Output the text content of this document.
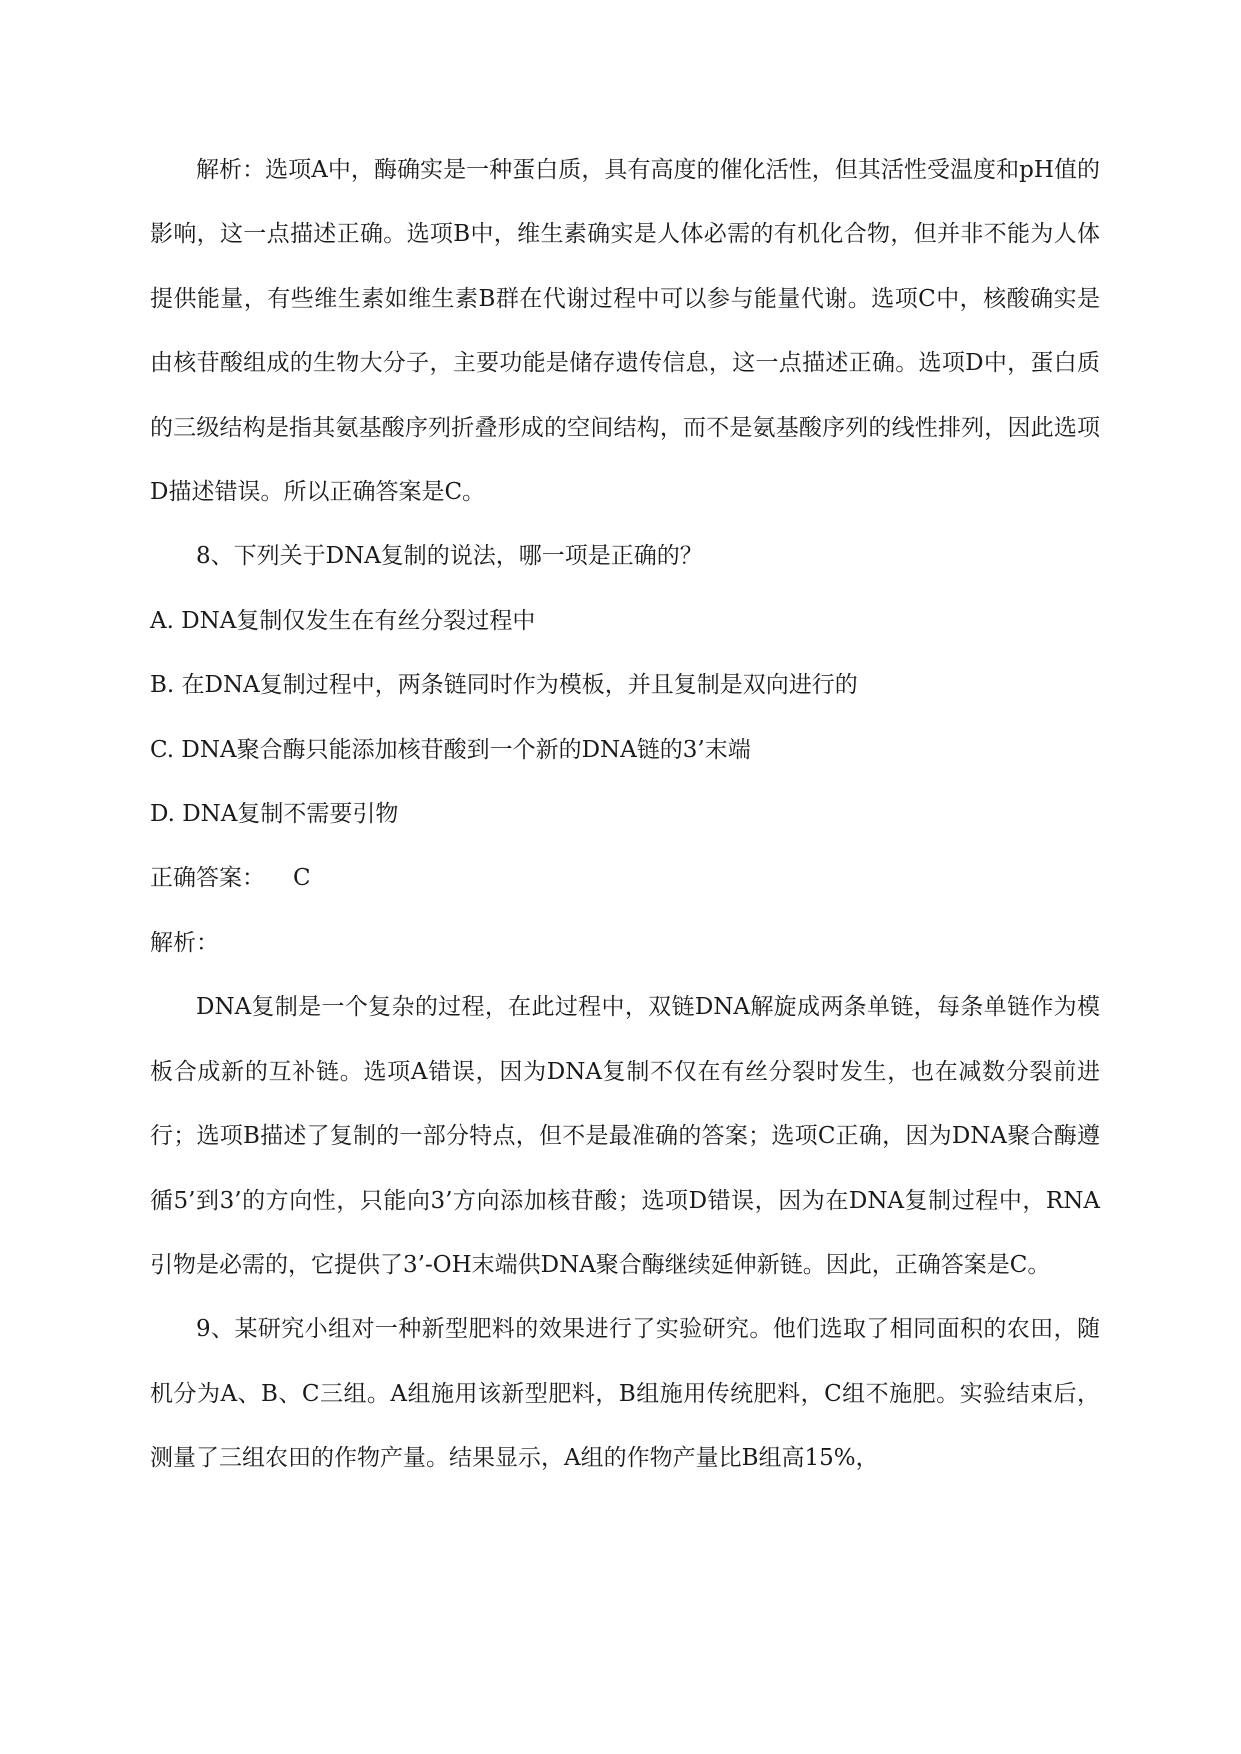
解析：选项A中，酶确实是一种蛋白质，具有高度的催化活性，但其活性受温度和pH值的影响，这一点描述正确。选项B中，维生素确实是人体必需的有机化合物，但并非不能为人体提供能量，有些维生素如维生素B群在代谢过程中可以参与能量代谢。选项C中，核酸确实是由核苷酸组成的生物大分子，主要功能是储存遗传信息，这一点描述正确。选项D中，蛋白质的三级结构是指其氨基酸序列折叠形成的空间结构，而不是氨基酸序列的线性排列，因此选项D描述错误。所以正确答案是C。

8、下列关于DNA复制的说法，哪一项是正确的？

A. DNA复制仅发生在有丝分裂过程中

B. 在DNA复制过程中，两条链同时作为模板，并且复制是双向进行的

C. DNA聚合酶只能添加核苷酸到一个新的DNA链的3’末端

D. DNA复制不需要引物

正确答案： C

解析：

DNA复制是一个复杂的过程，在此过程中，双链DNA解旋成两条单链，每条单链作为模板合成新的互补链。选项A错误，因为DNA复制不仅在有丝分裂时发生，也在减数分裂前进行；选项B描述了复制的一部分特点，但不是最准确的答案；选项C正确，因为DNA聚合酶遵循5’到3’的方向性，只能向3’方向添加核苷酸；选项D错误，因为在DNA复制过程中，RNA引物是必需的，它提供了3’-OH末端供DNA聚合酶继续延伸新链。因此，正确答案是C。

9、某研究小组对一种新型肥料的效果进行了实验研究。他们选取了相同面积的农田，随机分为A、B、C三组。A组施用该新型肥料，B组施用传统肥料，C组不施肥。实验结束后，测量了三组农田的作物产量。结果显示，A组的作物产量比B组高15%，
